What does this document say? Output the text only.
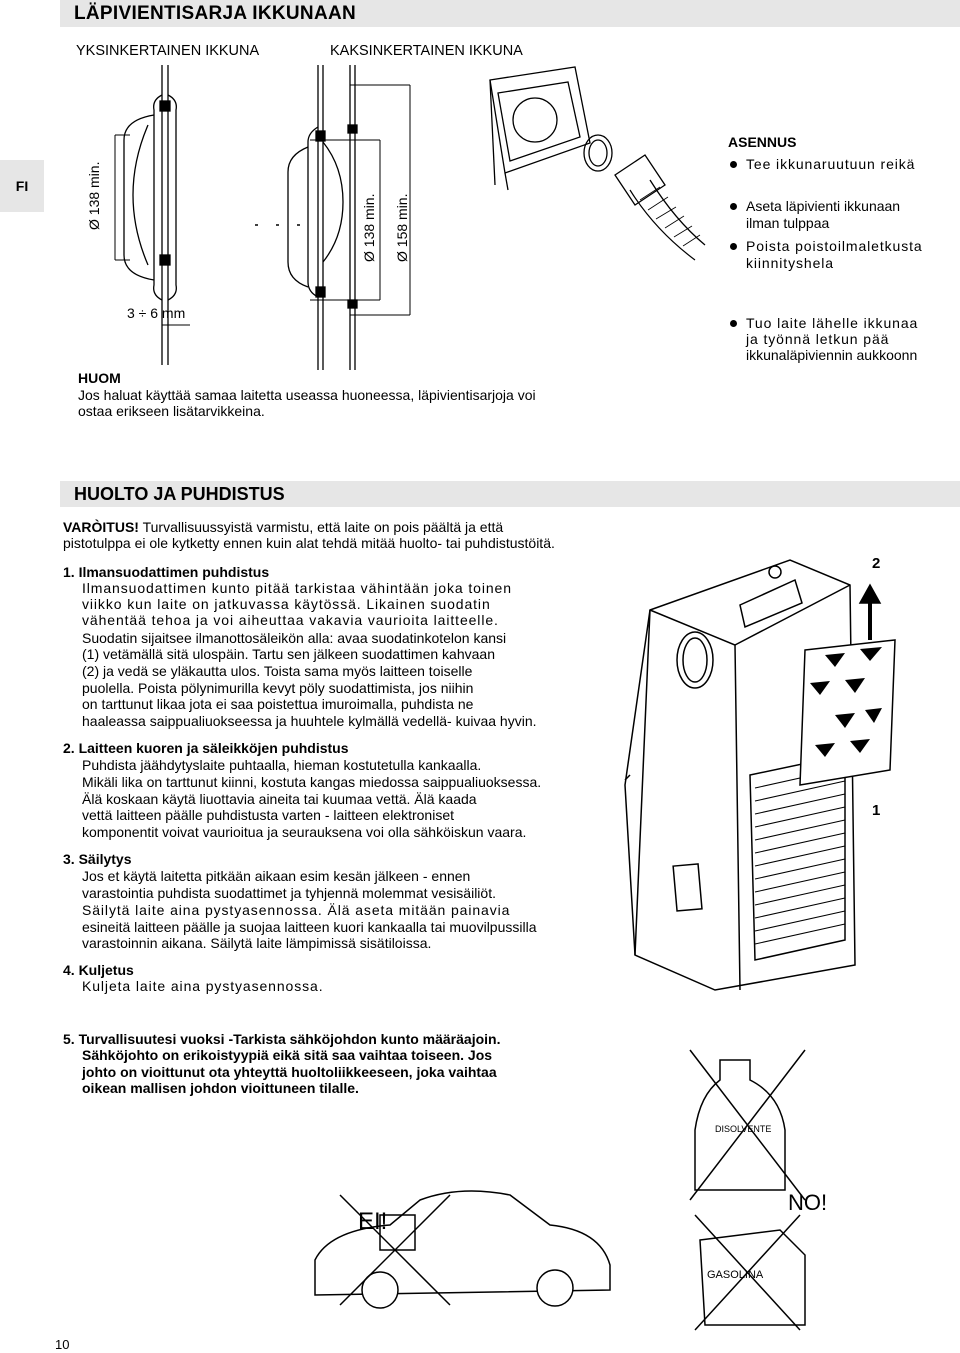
LÄPIVIENTISARJA IKKUNAAN
FI
YKSINKERTAINEN IKKUNA	KAKSINKERTAINEN IKKUNA
Ø 138 min.	Ø 138 min. Ø 158 min.
3 ÷ 6 mm
ASENNUS
Tee ikkunaruutuun reikä
Aseta läpivienti ikkunaan
ilman tulppaa
Poista poistoilmaletkusta
kiinnityshela
Tuo laite lähelle ikkunaa
ja työnnä letkun pää
ikkunaläpiviennin aukkoonn
HUOM
Jos haluat käyttää samaa laitetta useassa huoneessa, läpivientisarjoja voi
ostaa erikseen lisätarvikkeina.
HUOLTO JA PUHDISTUS
VARÒITUS! Turvallisuussyistä varmistu, että laite on pois päältä ja että
pistotulppa ei ole kytketty ennen kuin alat tehdä mitää huolto- tai puhdistustöitä.
1. Ilmansuodattimen puhdistus
Ilmansuodattimen kunto pitää tarkistaa vähintään joka toinen
viikko kun laite on jatkuvassa käytössä. Likainen suodatin
vähentää tehoa ja voi aiheuttaa vakavia vaurioita laitteelle.
Suodatin sijaitsee ilmanottosäleikön alla: avaa suodatinkotelon kansi
(1) vetämällä sitä ulospäin. Tartu sen jälkeen suodattimen kahvaan
(2) ja vedä se yläkautta ulos. Toista sama myös laitteen toiselle
puolella. Poista pölynimurilla kevyt pöly suodattimista, jos niihin
on tarttunut likaa jota ei saa poistettua imuroimalla, puhdista ne
haaleassa saippualiuokseessa ja huuhtele kylmällä vedellä- kuivaa hyvin.
2. Laitteen kuoren ja säleikköjen puhdistus
Puhdista jäähdytyslaite puhtaalla, hieman kostutetulla kankaalla.
Mikäli lika on tarttunut kiinni, kostuta kangas miedossa saippualiuoksessa.
Älä koskaan käytä liuottavia aineita tai kuumaa vettä. Älä kaada
vettä laitteen päälle puhdistusta varten - laitteen elektroniset
komponentit voivat vaurioitua ja seurauksena voi olla sähköiskun vaara.
3. Säilytys
Jos et käytä laitetta pitkään aikaan esim kesän jälkeen - ennen
varastointia puhdista suodattimet ja tyhjennä molemmat vesisäiliöt.
Säilytä laite aina pystyasennossa. Älä aseta mitään painavia
esineitä laitteen päälle ja suojaa laitteen kuori kankaalla tai muovilpussilla
varastoinnin aikana. Säilytä laite lämpimissä sisätiloissa.
4. Kuljetus
Kuljeta laite aina pystyasennossa.
5. Turvallisuutesi vuoksi -Tarkista sähköjohdon kunto määräajoin.
Sähköjohto on erikoistyypiä eikä sitä saa vaihtaa toiseen. Jos
johto on vioittunut ota yhteyttä huoltoliikkeeseen, joka vaihtaa
oikean mallisen johdon vioittuneen tilalle.
2
1
EI!
DISOLVENTE
GASOLINA
NO!
10
